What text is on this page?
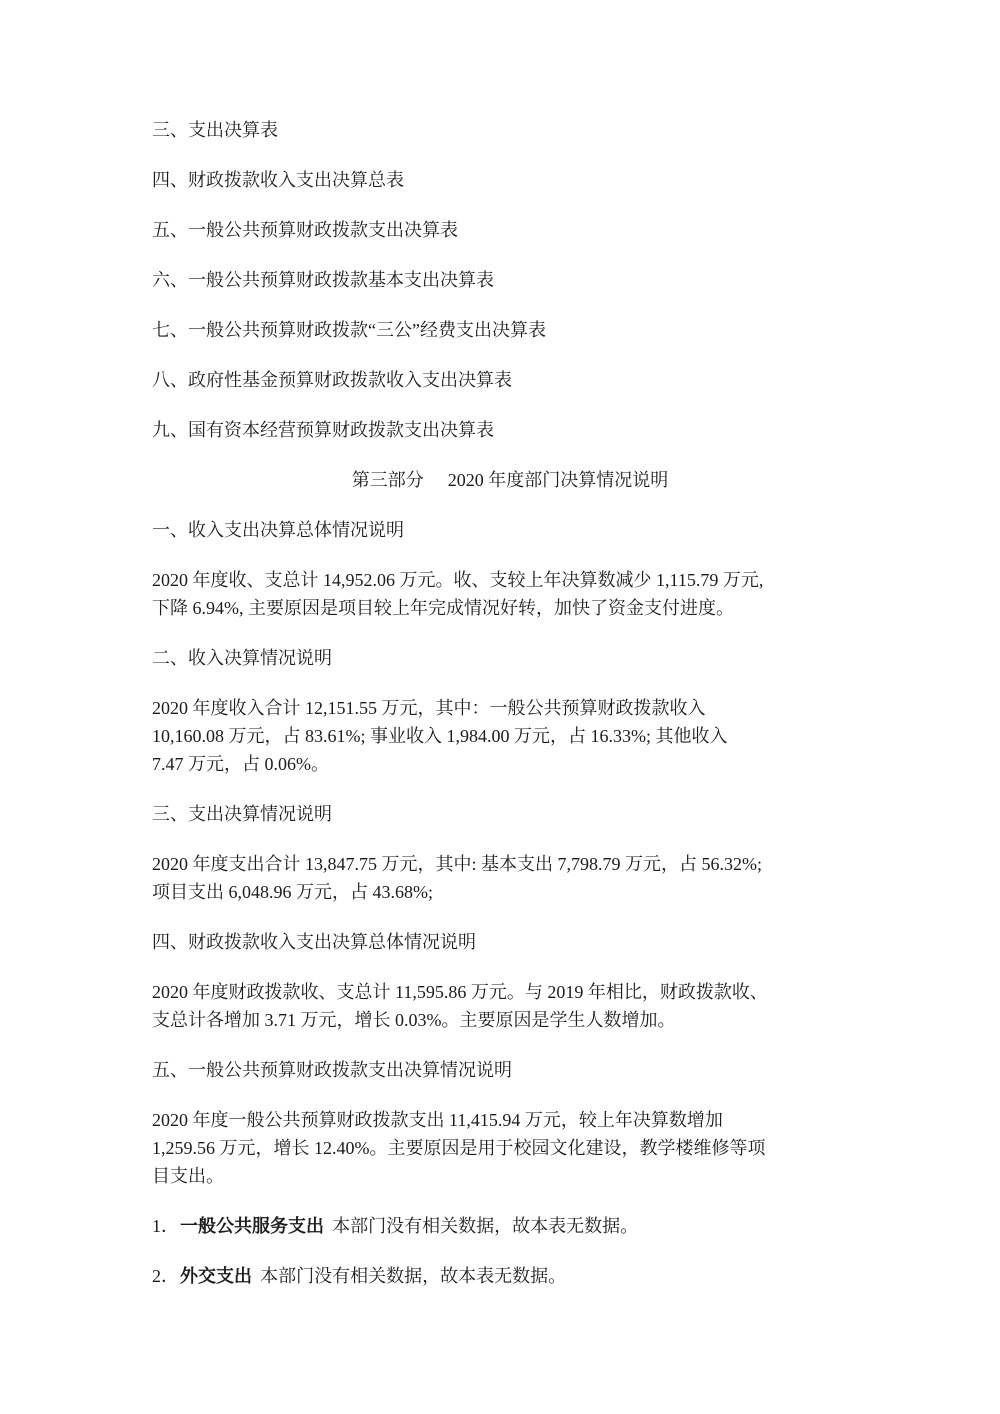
三、支出决算表
四、财政拨款收入支出决算总表
五、一般公共预算财政拨款支出决算表
六、一般公共预算财政拨款基本支出决算表
七、一般公共预算财政拨款“三公”经费支出决算表
八、政府性基金预算财政拨款收入支出决算表
九、国有资本经营预算财政拨款支出决算表
第三部分 2020 年度部门决算情况说明
一、收入支出决算总体情况说明
2020 年度收、支总计 14,952.06 万元。收、支较上年决算数减少 1,115.79 万元,
下降 6.94%, 主要原因是项目较上年完成情况好转，加快了资金支付进度。
二、收入决算情况说明
2020 年度收入合计 12,151.55 万元，其中：一般公共预算财政拨款收入
10,160.08 万元，占 83.61%; 事业收入 1,984.00 万元，占 16.33%; 其他收入
7.47 万元，占 0.06%。
三、支出决算情况说明
2020 年度支出合计 13,847.75 万元，其中: 基本支出 7,798.79 万元，占 56.32%;
项目支出 6,048.96 万元，占 43.68%;
四、财政拨款收入支出决算总体情况说明
2020 年度财政拨款收、支总计 11,595.86 万元。与 2019 年相比，财政拨款收、
支总计各增加 3.71 万元，增长 0.03%。主要原因是学生人数增加。
五、一般公共预算财政拨款支出决算情况说明
2020 年度一般公共预算财政拨款支出 11,415.94 万元，较上年决算数增加
1,259.56 万元，增长 12.40%。主要原因是用于校园文化建设，教学楼维修等项
目支出。
1．一般公共服务支出 本部门没有相关数据，故本表无数据。
2．外交支出 本部门没有相关数据，故本表无数据。
